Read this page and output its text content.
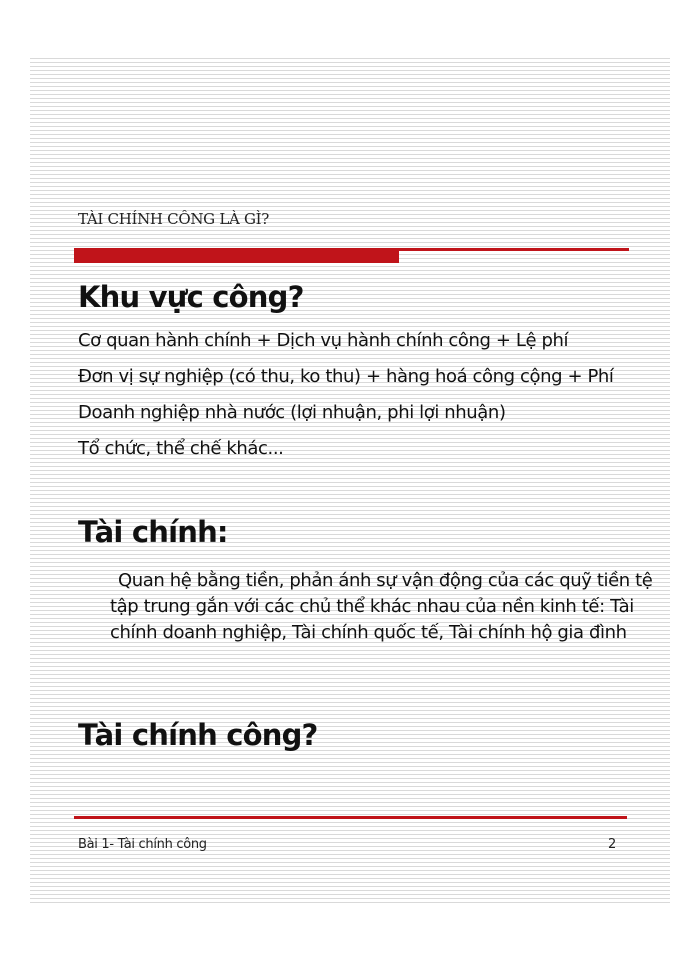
TÀI CHÍNH CÔNG LÀ GÌ?
Khu vực công?
Cơ quan hành chính + Dịch vụ hành chính công + Lệ phí
Đơn vị sự nghiệp (có thu, ko thu) + hàng hoá công cộng + Phí
Doanh nghiệp nhà nước (lợi nhuận, phi lợi nhuận)
Tổ chức, thể chế khác...
Tài chính:
Quan hệ bằng tiền, phản ánh sự vận động của các quỹ tiền tệ
tập trung gắn với các chủ thể khác nhau của nền kinh tế: Tài
chính doanh nghiệp, Tài chính quốc tế, Tài chính hộ gia đình
Tài chính công?
Bài 1- Tài chính công	2
